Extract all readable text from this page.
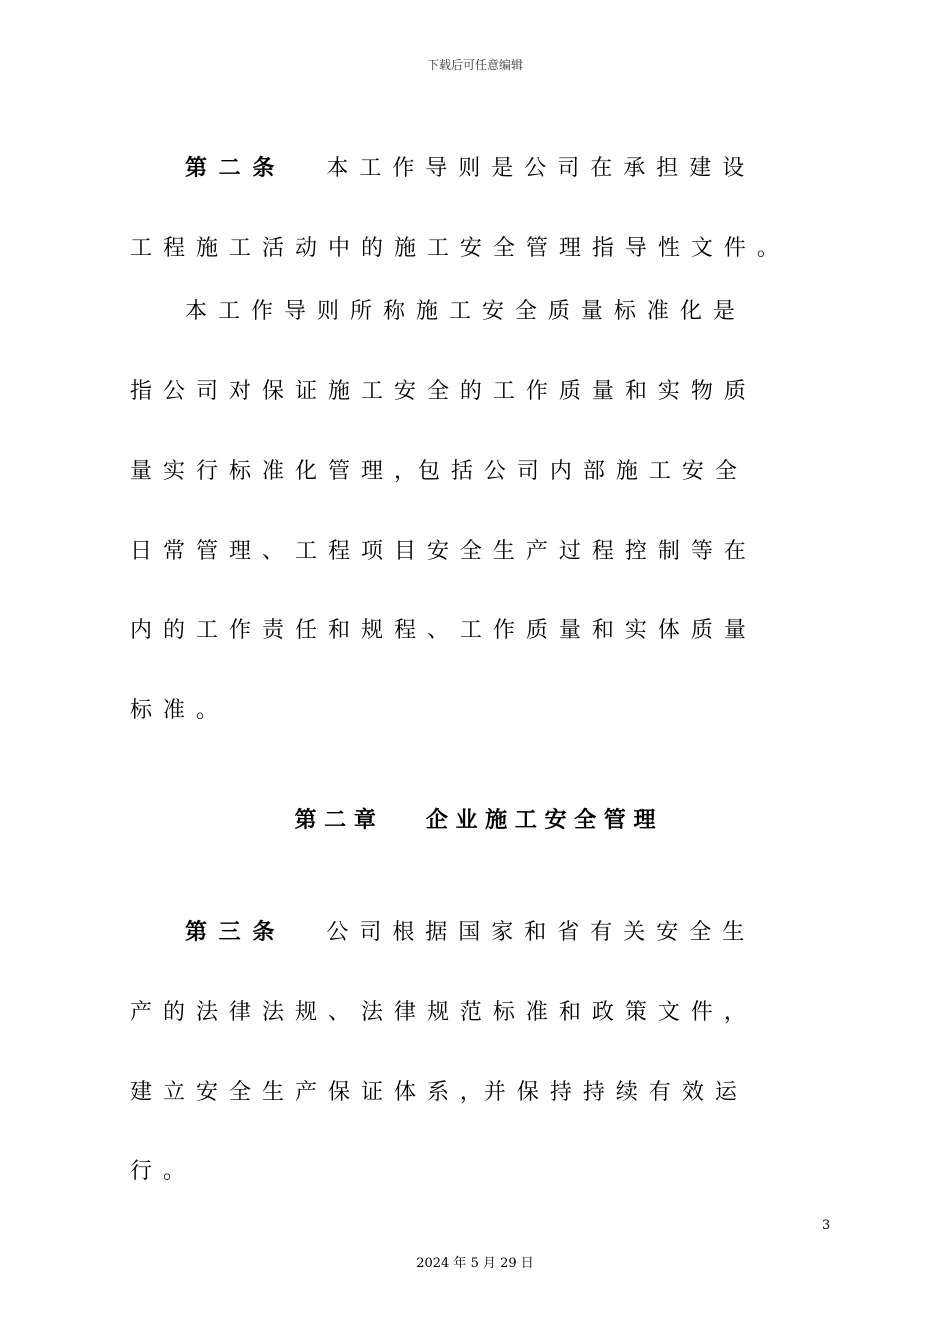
下载后可任意编辑
第 二 条 本 工 作 导 则 是 公 司 在 承 担 建 设
工 程 施 工 活 动 中 的 施 工 安 全 管 理 指 导 性 文 件 。
本 工 作 导 则 所 称 施 工 安 全 质 量 标 准 化 是
指 公 司 对 保 证 施 工 安 全 的 工 作 质 量 和 实 物 质
量 实 行 标 准 化 管 理 ，包 括 公 司 内 部 施 工 安 全
日 常 管 理 、 工 程 项 目 安 全 生 产 过 程 控 制 等 在
内 的 工 作 责 任 和 规 程 、 工 作 质 量 和 实 体 质 量
标 准 。
第 二 章 企 业 施 工 安 全 管 理
第 三 条 公 司 根 据 国 家 和 省 有 关 安 全 生
产 的 法 律 法 规 、 法 律 规 范 标 准 和 政 策 文 件 ，
建 立 安 全 生 产 保 证 体 系 ，并 保 持 持 续 有 效 运
行 。
3
2024 年 5 月 29 日
